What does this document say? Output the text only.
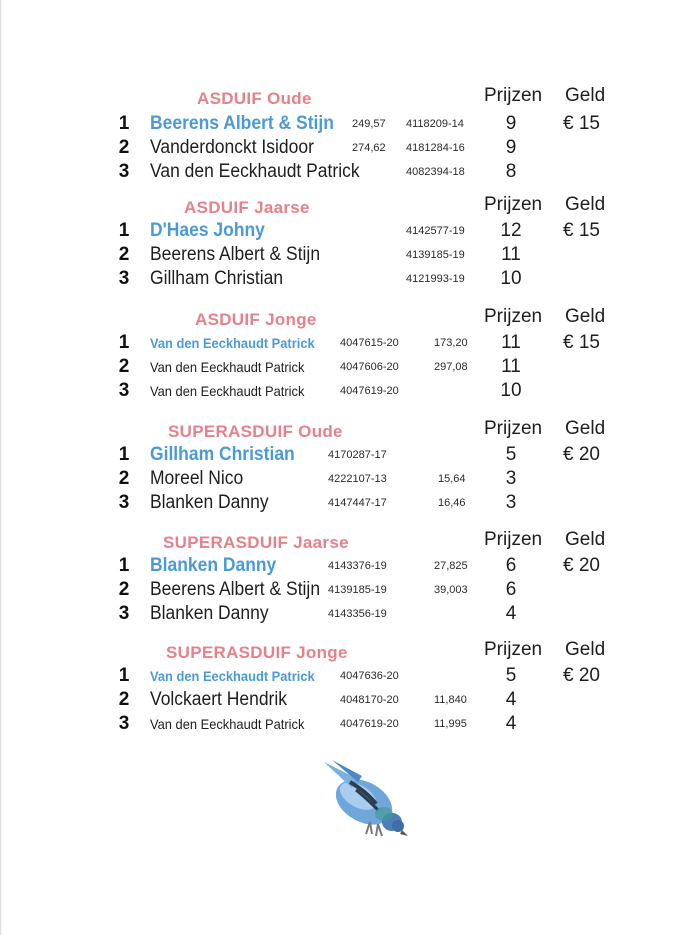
ASDUIF Oude	Prijzen Geld
1 Beerens Albert & Stijn 249,57 4118209-14	9	€ 15
2 Vanderdonckt Isidoor	274,62 4181284-16	9
3 Van den Eeckhaudt Patrick	4082394-18	8
ASDUIF Jaarse	Prijzen Geld
1 D'Haes Johny	4142577-19	12	€ 15
2 Beerens Albert & Stijn	4139185-19	11
3 Gillham Christian	4121993-19	10
ASDUIF Jonge	Prijzen Geld
1 Van den Eeckhaudt Patrick 4047615-20	173,20	11	€ 15
2 Van den Eeckhaudt Patrick	4047606-20	297,08	11
3 Van den Eeckhaudt Patrick	4047619-20	10
SUPERASDUIF Oude	Prijzen Geld
1 Gillham Christian	4170287-17	5	€ 20
2 Moreel Nico	4222107-13	15,64	3
3 Blanken Danny	4147447-17	16,46	3
SUPERASDUIF Jaarse	Prijzen Geld
1 Blanken Danny	4143376-19	27,825	6	€ 20
2 Beerens Albert & Stijn 4139185-19	39,003	6
3 Blanken Danny	4143356-19	4
SUPERASDUIF Jonge	Prijzen Geld
1 Van den Eeckhaudt Patrick 4047636-20	5	€ 20
2 Volckaert Hendrik	4048170-20	11,840	4
3 Van den Eeckhaudt Patrick	4047619-20	11,995	4
